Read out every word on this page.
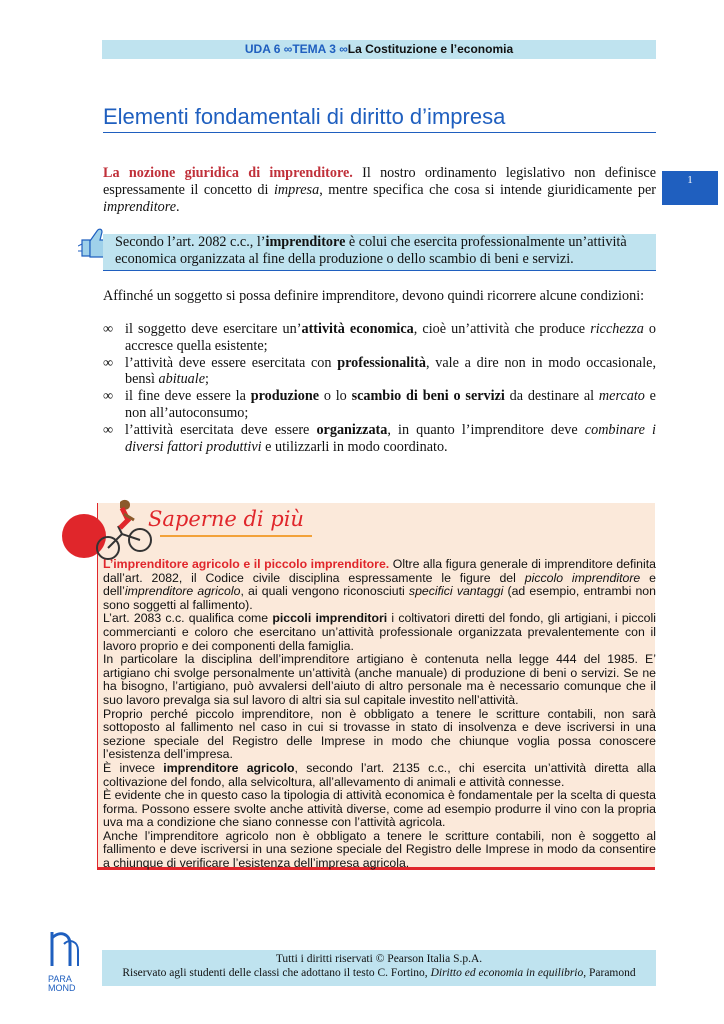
UDA 6 ∞TEMA 3 ∞La Costituzione e l’economia
Elementi fondamentali di diritto d’impresa
1
La nozione giuridica di imprenditore. Il nostro ordinamento legislativo non definisce espressamente il concetto di impresa, mentre specifica che cosa si intende giuridicamente per imprenditore.
Secondo l’art. 2082 c.c., l’imprenditore è colui che esercita professionalmente un’attività economica organizzata al fine della produzione o dello scambio di beni e servizi.
Affinché un soggetto si possa definire imprenditore, devono quindi ricorrere alcune condizioni:
∞ il soggetto deve esercitare un’attività economica, cioè un’attività che produce ricchezza o accresce quella esistente;
∞ l’attività deve essere esercitata con professionalità, vale a dire non in modo occasionale, bensì abituale;
∞ il fine deve essere la produzione o lo scambio di beni o servizi da destinare al mercato e non all’autoconsumo;
∞ l’attività esercitata deve essere organizzata, in quanto l’imprenditore deve combinare i diversi fattori produttivi e utilizzarli in modo coordinato.
Saperne di più

L’imprenditore agricolo e il piccolo imprenditore. Oltre alla figura generale di imprenditore definita dall’art. 2082, il Codice civile disciplina espressamente le figure del piccolo imprenditore e dell’imprenditore agricolo, ai quali vengono riconosciuti specifici vantaggi (ad esempio, entrambi non sono soggetti al fallimento).

L’art. 2083 c.c. qualifica come piccoli imprenditori i coltivatori diretti del fondo, gli artigiani, i piccoli commercianti e coloro che esercitano un’attività professionale organizzata prevalentemente con il lavoro proprio e dei componenti della famiglia.

In particolare la disciplina dell’imprenditore artigiano è contenuta nella legge 444 del 1985. E’ artigiano chi svolge personalmente un’attività (anche manuale) di produzione di beni o servizi. Se ne ha bisogno, l’artigiano, può avvalersi dell’aiuto di altro personale ma è necessario comunque che il suo lavoro prevalga sia sul lavoro di altri sia sul capitale investito nell’attività.

Proprio perché piccolo imprenditore, non è obbligato a tenere le scritture contabili, non sarà sottoposto al fallimento nel caso in cui si trovasse in stato di insolvenza e deve iscriversi in una sezione speciale del Registro delle Imprese in modo che chiunque voglia possa conoscere l’esistenza dell’impresa.

È invece imprenditore agricolo, secondo l’art. 2135 c.c., chi esercita un’attività diretta alla coltivazione del fondo, alla selvicoltura, all’allevamento di animali e attività connesse.

È evidente che in questo caso la tipologia di attività economica è fondamentale per la scelta di questa forma. Possono essere svolte anche attività diverse, come ad esempio produrre il vino con la propria uva ma a condizione che siano connesse con l’attività agricola.

Anche l’imprenditore agricolo non è obbligato a tenere le scritture contabili, non è soggetto al fallimento e deve iscriversi in una sezione speciale del Registro delle Imprese in modo da consentire a chiunque di verificare l’esistenza dell’impresa agricola.

PARA
MOND
Tutti i diritti riservati © Pearson Italia S.p.A.
Riservato agli studenti delle classi che adottano il testo C. Fortino, Diritto ed economia in equilibrio, Paramond
